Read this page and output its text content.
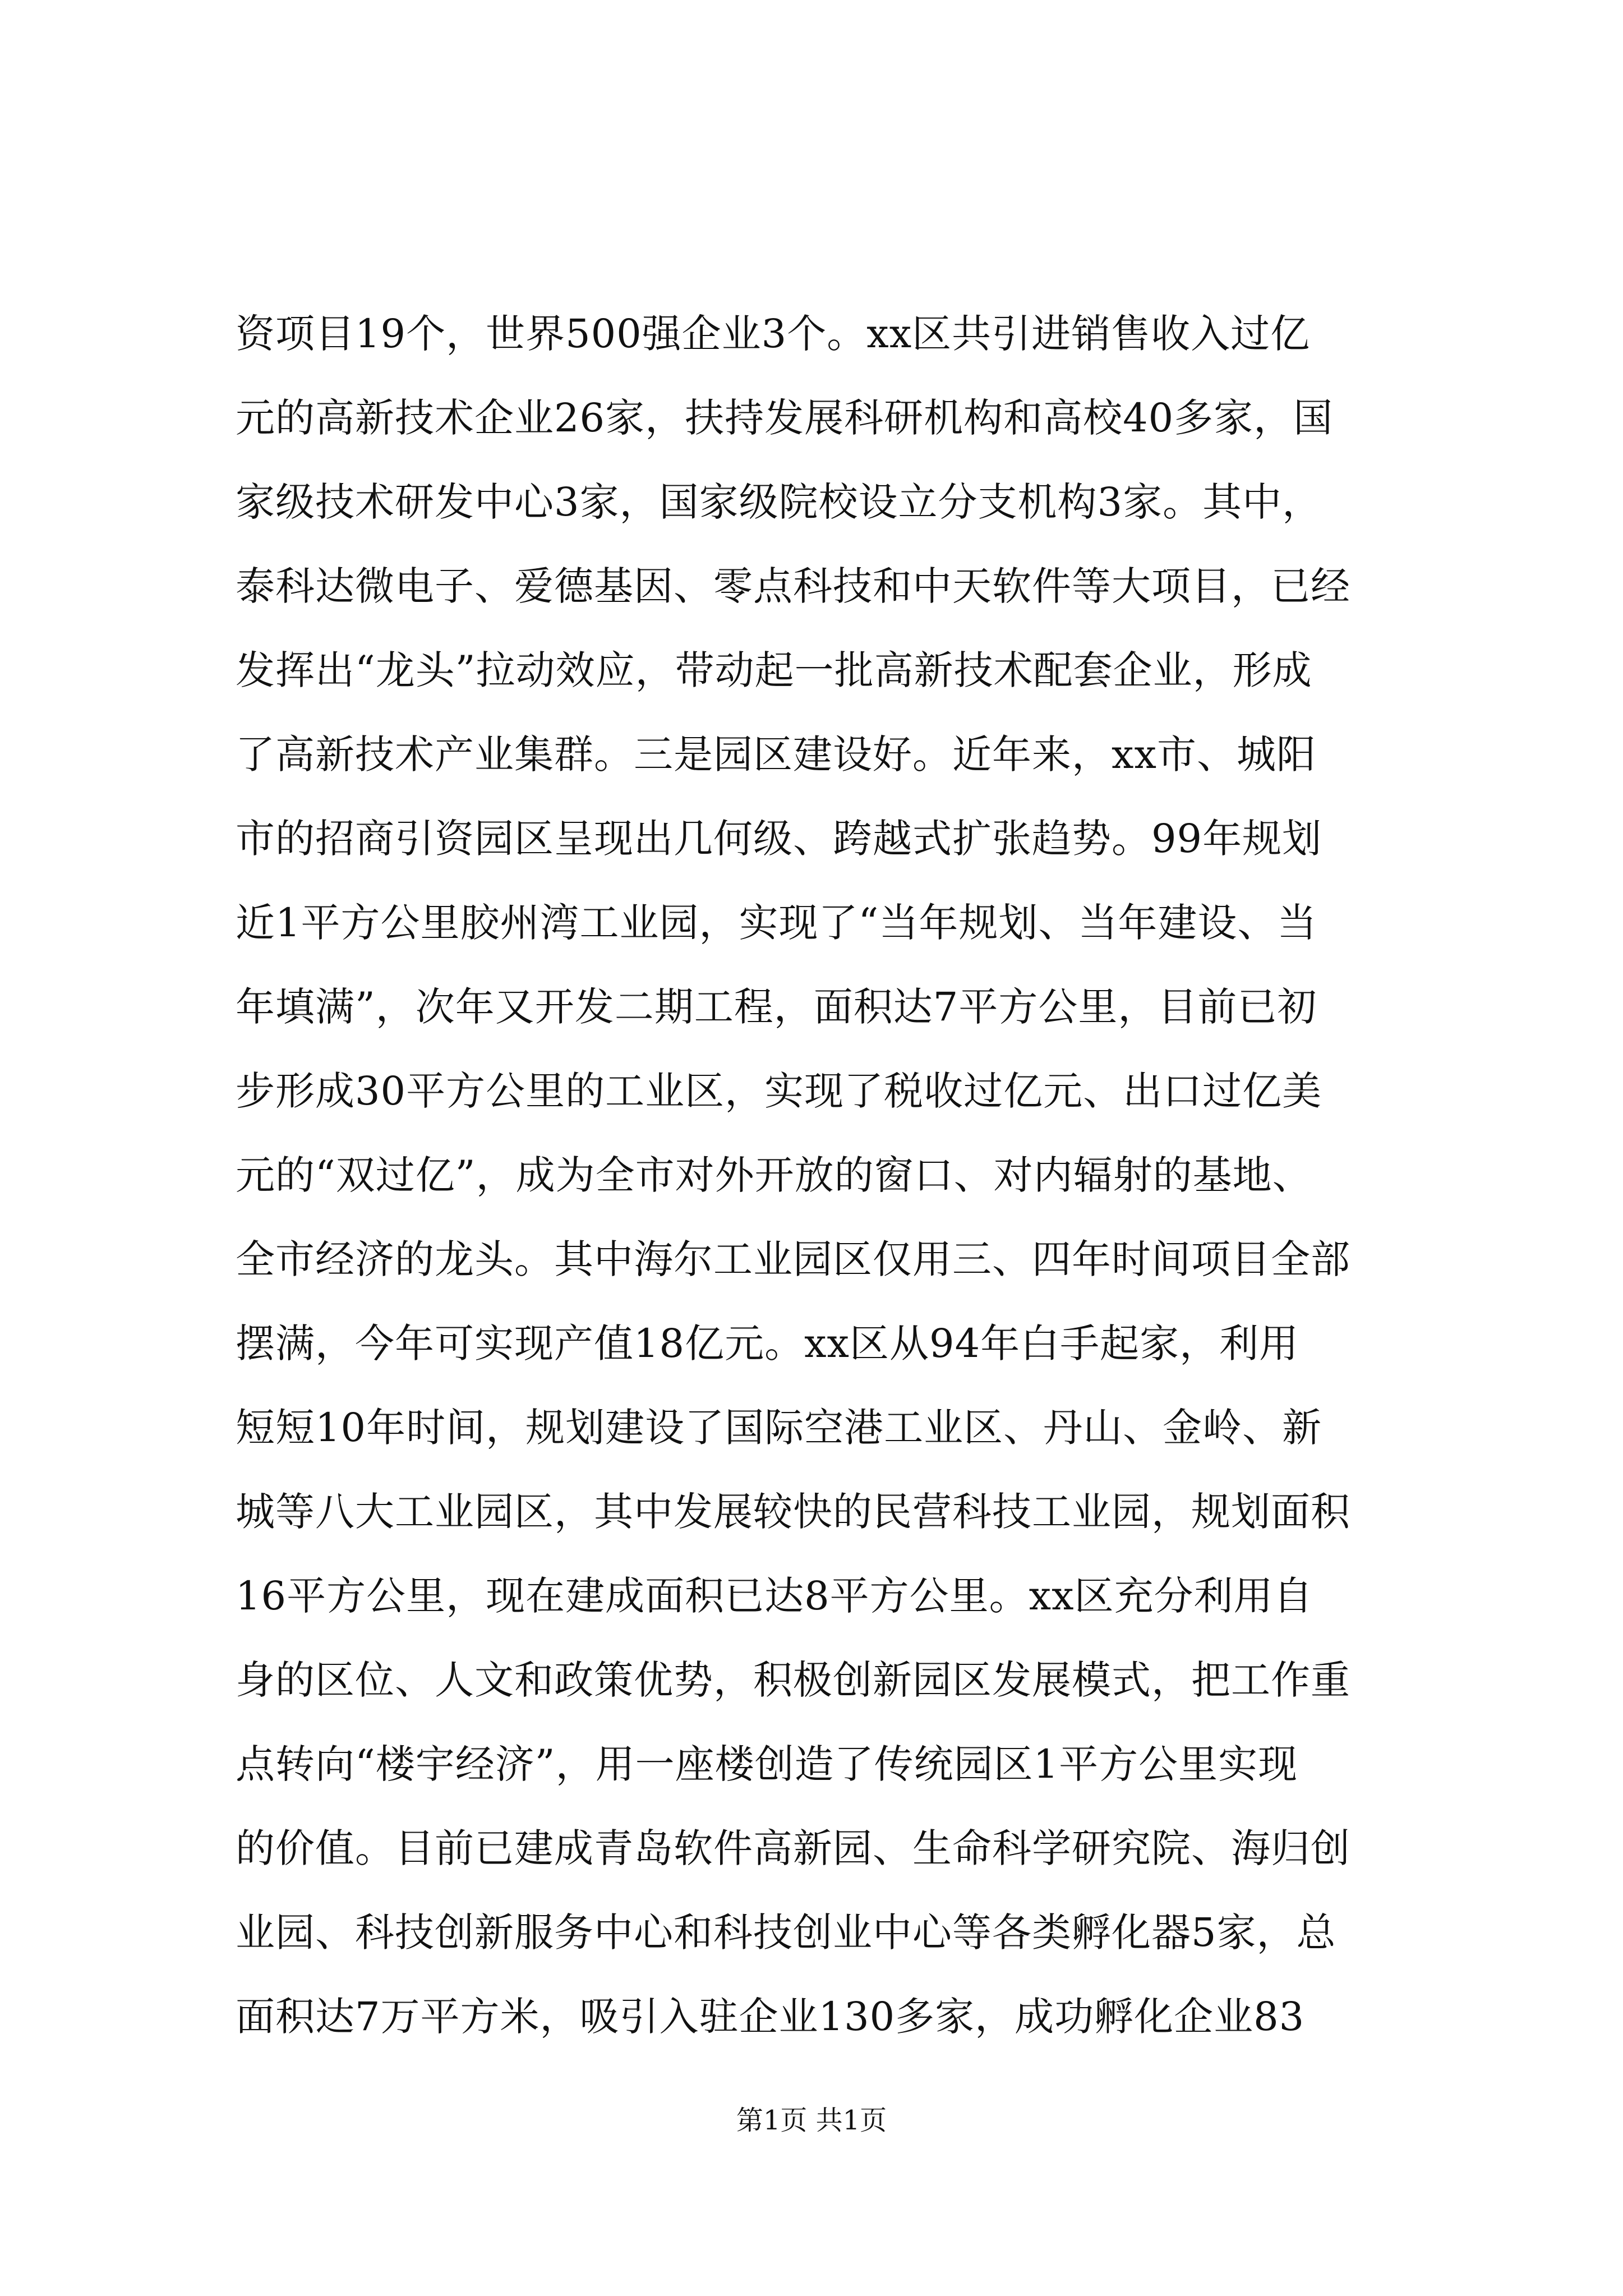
资项目19个，世界500强企业3个。xx区共引进销售收入过亿
元的高新技术企业26家，扶持发展科研机构和高校40多家，国
家级技术研发中心3家，国家级院校设立分支机构3家。其中，
泰科达微电子、爱德基因、零点科技和中天软件等大项目，已经
发挥出“龙头”拉动效应，带动起一批高新技术配套企业，形成
了高新技术产业集群。三是园区建设好。近年来，xx市、城阳
市的招商引资园区呈现出几何级、跨越式扩张趋势。99年规划
近1平方公里胶州湾工业园，实现了“当年规划、当年建设、当
年填满”，次年又开发二期工程，面积达7平方公里，目前已初
步形成30平方公里的工业区，实现了税收过亿元、出口过亿美
元的“双过亿”，成为全市对外开放的窗口、对内辐射的基地、
全市经济的龙头。其中海尔工业园区仅用三、四年时间项目全部
摆满，今年可实现产值18亿元。xx区从94年白手起家，利用
短短10年时间，规划建设了国际空港工业区、丹山、金岭、新
城等八大工业园区，其中发展较快的民营科技工业园，规划面积
16平方公里，现在建成面积已达8平方公里。xx区充分利用自
身的区位、人文和政策优势，积极创新园区发展模式，把工作重
点转向“楼宇经济”，用一座楼创造了传统园区1平方公里实现
的价值。目前已建成青岛软件高新园、生命科学研究院、海归创
业园、科技创新服务中心和科技创业中心等各类孵化器5家，总
面积达7万平方米，吸引入驻企业130多家，成功孵化企业83
第1页 共1页
